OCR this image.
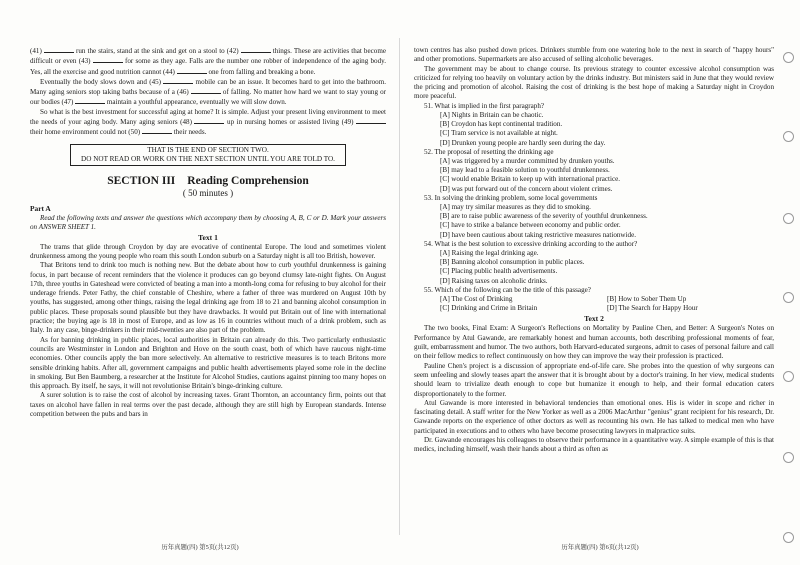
(41)	run the stairs, stand at the sink and get on a stool to (42)	things. These are activities that become difficult or even (43)	for some as they age. Falls are the number one robber of independence of the aging body. Yes, all the exercise and good nutrition cannot (44)	one from falling and breaking a bone.

Eventually the body slows down and (45)	mobile can be an issue. It becomes hard to get into the bathroom. Many aging seniors stop taking baths because of a (46)	of falling. No matter how hard we want to stay young or our bodies (47)	maintain a youthful appearance, eventually we will slow down.

So what is the best investment for successful aging at home? It is simple. Adjust your present living environment to meet the needs of your aging body. Many aging seniors (48)	up in nursing homes or assisted living (49)  their home environment could not (50)	their needs.

THAT IS THE END OF SECTION TWO.
DO NOT READ OR WORK ON THE NEXT SECTION UNTIL YOU ARE TOLD TO.
SECTION III Reading Comprehension
( 50 minutes )
Part A

Read the following texts and answer the questions which accompany them by choosing A, B, C or D. Mark your answers on ANSWER SHEET 1.

Text 1

The trams that glide through Croydon by day are evocative of continental Europe. The loud and sometimes violent drunkenness among the young people who roam this south London suburb on a Saturday night is all too British, however.

That Britons tend to drink too much is nothing new. But the debate about how to curb youthful drunkenness is gaining focus, in part because of recent reminders that the violence it produces can go beyond clumsy late-night fights. On August 17th, three youths in Gateshead were convicted of beating a man into a month-long coma for refusing to buy alcohol for their underage friends. Peter Fathy, the chief constable of Cheshire, where a father of three was murdered on August 10th by youths, has suggested, among other things, raising the legal drinking age from 18 to 21 and banning alcohol consumption in public places. These proposals sound plausible but they have drawbacks. It would put Britain out of line with international practice; the buying age is 18 in most of Europe, and as low as 16 in countries without much of a drink problem, such as Italy. In any case, binge-drinkers in their mid-twenties are also part of the problem.

As for banning drinking in public places, local authorities in Britain can already do this. Two particularly enthusiastic councils are Westminster in London and Brighton and Hove on the south coast, both of which have raucous night-time economies. Other councils apply the ban more selectively. An alternative to restrictive measures is to teach Britons more sensible drinking habits. After all, government campaigns and public health advertisements played some role in the decline in smoking. But Ben Baumberg, a researcher at the Institute for Alcohol Studies, cautions against pinning too many hopes on this approach. By itself, he says, it will not revolutionise Britain's binge-drinking culture.

A surer solution is to raise the cost of alcohol by increasing taxes. Grant Thornton, an accountancy firm, points out that taxes on alcohol have fallen in real terms over the past decade, although they are still high by European standards. Intense competition between the pubs and bars in

历年真题(四) 第5页(共12页)

town centres has also pushed down prices. Drinkers stumble from one watering hole to the next in search of "happy hours" and other promotions. Supermarkets are also accused of selling alcoholic beverages.

The government may be about to change course. Its previous strategy to counter excessive alcohol consumption was criticized for relying too heavily on voluntary action by the drinks industry. But ministers said in June that they would review the pricing and promotion of alcohol. Raising the cost of drinking is the best hope of making a Saturday night in Croydon more peaceful.

51. What is implied in the first paragraph?
[A] Nights in Britain can be chaotic.
[B] Croydon has kept continental tradition.
[C] Tram service is not available at night.
[D] Drunken young people are hardly seen during the day.
52. The proposal of resetting the drinking age
[A] was triggered by a murder committed by drunken youths.
[B] may lead to a feasible solution to youthful drunkenness.
[C] would enable Britain to keep up with international practice.
[D] was put forward out of the concern about violent crimes.
53. In solving the drinking problem, some local governments
[A] may try similar measures as they did to smoking.
[B] are to raise public awareness of the severity of youthful drunkenness.
[C] have to strike a balance between economy and public order.
[D] have been cautious about taking restrictive measures nationwide.
54. What is the best solution to excessive drinking according to the author?
[A] Raising the legal drinking age.
[B] Banning alcohol consumption in public places.
[C] Placing public health advertisements.
[D] Raising taxes on alcoholic drinks.
55. Which of the following can be the title of this passage?
[A] The Cost of Drinking	[B] How to Sober Them Up
[C] Drinking and Crime in Britain	[D] The Search for Happy Hour
Text 2

The two books, Final Exam: A Surgeon's Reflections on Mortality by Pauline Chen, and Better: A Surgeon's Notes on Performance by Atul Gawande, are remarkably honest and human accounts, both describing professional moments of fear, guilt, embarrassment and humor. The two authors, both Harvard-educated surgeons, admit to cases of personal failure and call on their fellow medics to reflect continuously on how they can improve the way their profession is practiced.

Pauline Chen's project is a discussion of appropriate end-of-life care. She probes into the question of why surgeons can seem unfeeling and slowly teases apart the answer that it is brought about by a doctor's training. In her view, medical students should learn to trivialize death enough to cope but humanize it enough to help, and their formal education caters disproportionately to the former.

Atul Gawande is more interested in behavioral tendencies than emotional ones. His is wider in scope and richer in fascinating detail. A staff writer for the New Yorker as well as a 2006 MacArthur "genius" grant recipient for his research, Dr. Gawande reports on the experience of other doctors as well as recounting his own. He has talked to medical men who have participated in executions and to others who have become prosecuting lawyers in malpractice suits.

Dr. Gawande encourages his colleagues to observe their performance in a quantitative way. A simple example of this is that medics, including himself, wash their hands about a third as often as

历年真题(四) 第6页(共12页)
